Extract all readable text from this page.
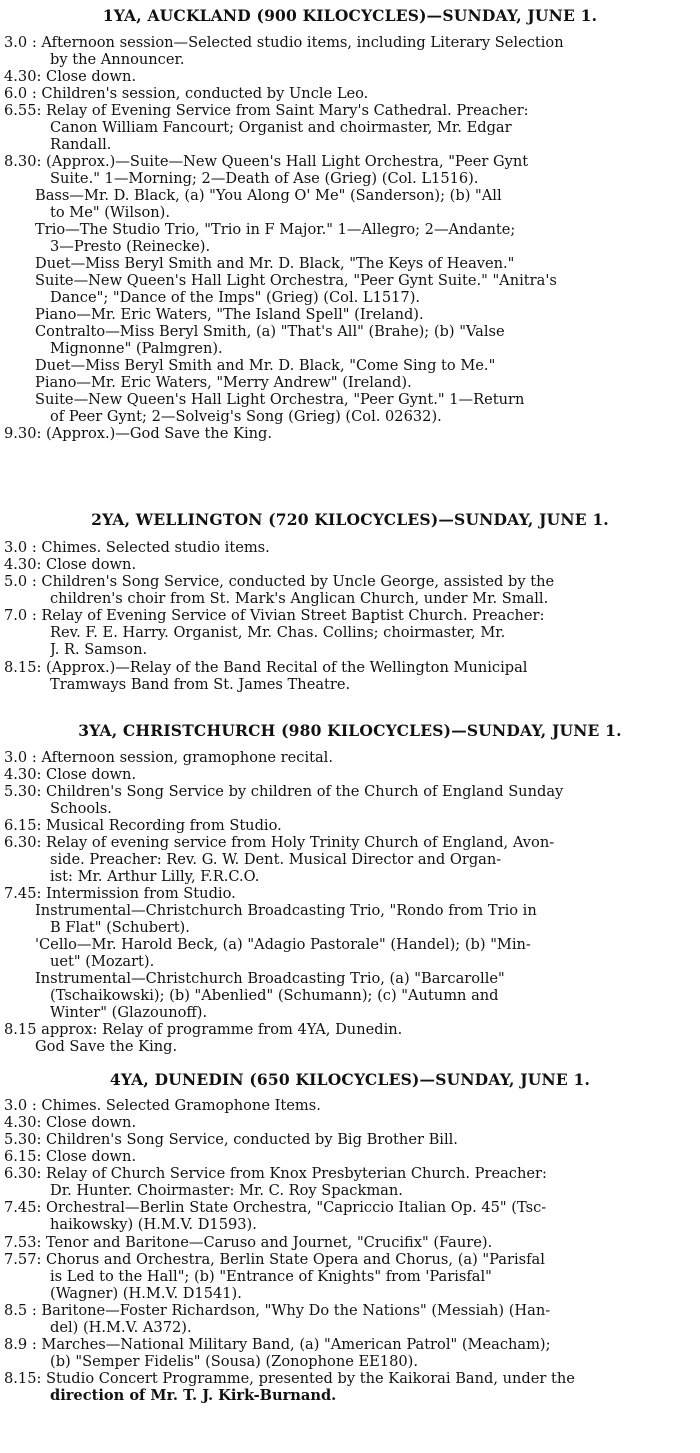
1YA, AUCKLAND (900 KILOCYCLES)—SUNDAY, JUNE 1.
3.0 : Afternoon session—Selected studio items, including Literary Selection
by the Announcer.
4.30: Close down.
6.0 : Children's session, conducted by Uncle Leo.
6.55: Relay of Evening Service from Saint Mary's Cathedral. Preacher:
Canon William Fancourt; Organist and choirmaster, Mr. Edgar
Randall.
8.30: (Approx.)—Suite—New Queen's Hall Light Orchestra, "Peer Gynt
Suite." 1—Morning; 2—Death of Ase (Grieg) (Col. L1516).
Bass—Mr. D. Black, (a) "You Along O' Me" (Sanderson); (b) "All
to Me" (Wilson).
Trio—The Studio Trio, "Trio in F Major." 1—Allegro; 2—Andante;
3—Presto (Reinecke).
Duet—Miss Beryl Smith and Mr. D. Black, "The Keys of Heaven."
Suite—New Queen's Hall Light Orchestra, "Peer Gynt Suite." "Anitra's
Dance"; "Dance of the Imps" (Grieg) (Col. L1517).
Piano—Mr. Eric Waters, "The Island Spell" (Ireland).
Contralto—Miss Beryl Smith, (a) "That's All" (Brahe); (b) "Valse
Mignonne" (Palmgren).
Duet—Miss Beryl Smith and Mr. D. Black, "Come Sing to Me."
Piano—Mr. Eric Waters, "Merry Andrew" (Ireland).
Suite—New Queen's Hall Light Orchestra, "Peer Gynt." 1—Return
of Peer Gynt; 2—Solveig's Song (Grieg) (Col. 02632).
9.30: (Approx.)—God Save the King.
2YA, WELLINGTON (720 KILOCYCLES)—SUNDAY, JUNE 1.
3.0 : Chimes. Selected studio items.
4.30: Close down.
5.0 : Children's Song Service, conducted by Uncle George, assisted by the
children's choir from St. Mark's Anglican Church, under Mr. Small.
7.0 : Relay of Evening Service of Vivian Street Baptist Church. Preacher:
Rev. F. E. Harry. Organist, Mr. Chas. Collins; choirmaster, Mr.
J. R. Samson.
8.15: (Approx.)—Relay of the Band Recital of the Wellington Municipal
Tramways Band from St. James Theatre.
3YA, CHRISTCHURCH (980 KILOCYCLES)—SUNDAY, JUNE 1.
3.0 : Afternoon session, gramophone recital.
4.30: Close down.
5.30: Children's Song Service by children of the Church of England Sunday
Schools.
6.15: Musical Recording from Studio.
6.30: Relay of evening service from Holy Trinity Church of England, Avon-
side. Preacher: Rev. G. W. Dent. Musical Director and Organ-
ist: Mr. Arthur Lilly, F.R.C.O.
7.45: Intermission from Studio.
Instrumental—Christchurch Broadcasting Trio, "Rondo from Trio in
B Flat" (Schubert).
'Cello—Mr. Harold Beck, (a) "Adagio Pastorale" (Handel); (b) "Min-
uet" (Mozart).
Instrumental—Christchurch Broadcasting Trio, (a) "Barcarolle"
(Tschaikowski); (b) "Abenlied" (Schumann); (c) "Autumn and
Winter" (Glazounoff).
8.15 approx: Relay of programme from 4YA, Dunedin.
God Save the King.
4YA, DUNEDIN (650 KILOCYCLES)—SUNDAY, JUNE 1.
3.0 : Chimes. Selected Gramophone Items.
4.30: Close down.
5.30: Children's Song Service, conducted by Big Brother Bill.
6.15: Close down.
6.30: Relay of Church Service from Knox Presbyterian Church. Preacher:
Dr. Hunter. Choirmaster: Mr. C. Roy Spackman.
7.45: Orchestral—Berlin State Orchestra, "Capriccio Italian Op. 45" (Tsc-
haikowsky) (H.M.V. D1593).
7.53: Tenor and Baritone—Caruso and Journet, "Crucifix" (Faure).
7.57: Chorus and Orchestra, Berlin State Opera and Chorus, (a) "Parisfal
is Led to the Hall"; (b) "Entrance of Knights" from 'Parisfal"
(Wagner) (H.M.V. D1541).
8.5 : Baritone—Foster Richardson, "Why Do the Nations" (Messiah) (Han-
del) (H.M.V. A372).
8.9 : Marches—National Military Band, (a) "American Patrol" (Meacham);
(b) "Semper Fidelis" (Sousa) (Zonophone EE180).
8.15: Studio Concert Programme, presented by the Kaikorai Band, under the
direction of Mr. T. J. Kirk-Burnand.
